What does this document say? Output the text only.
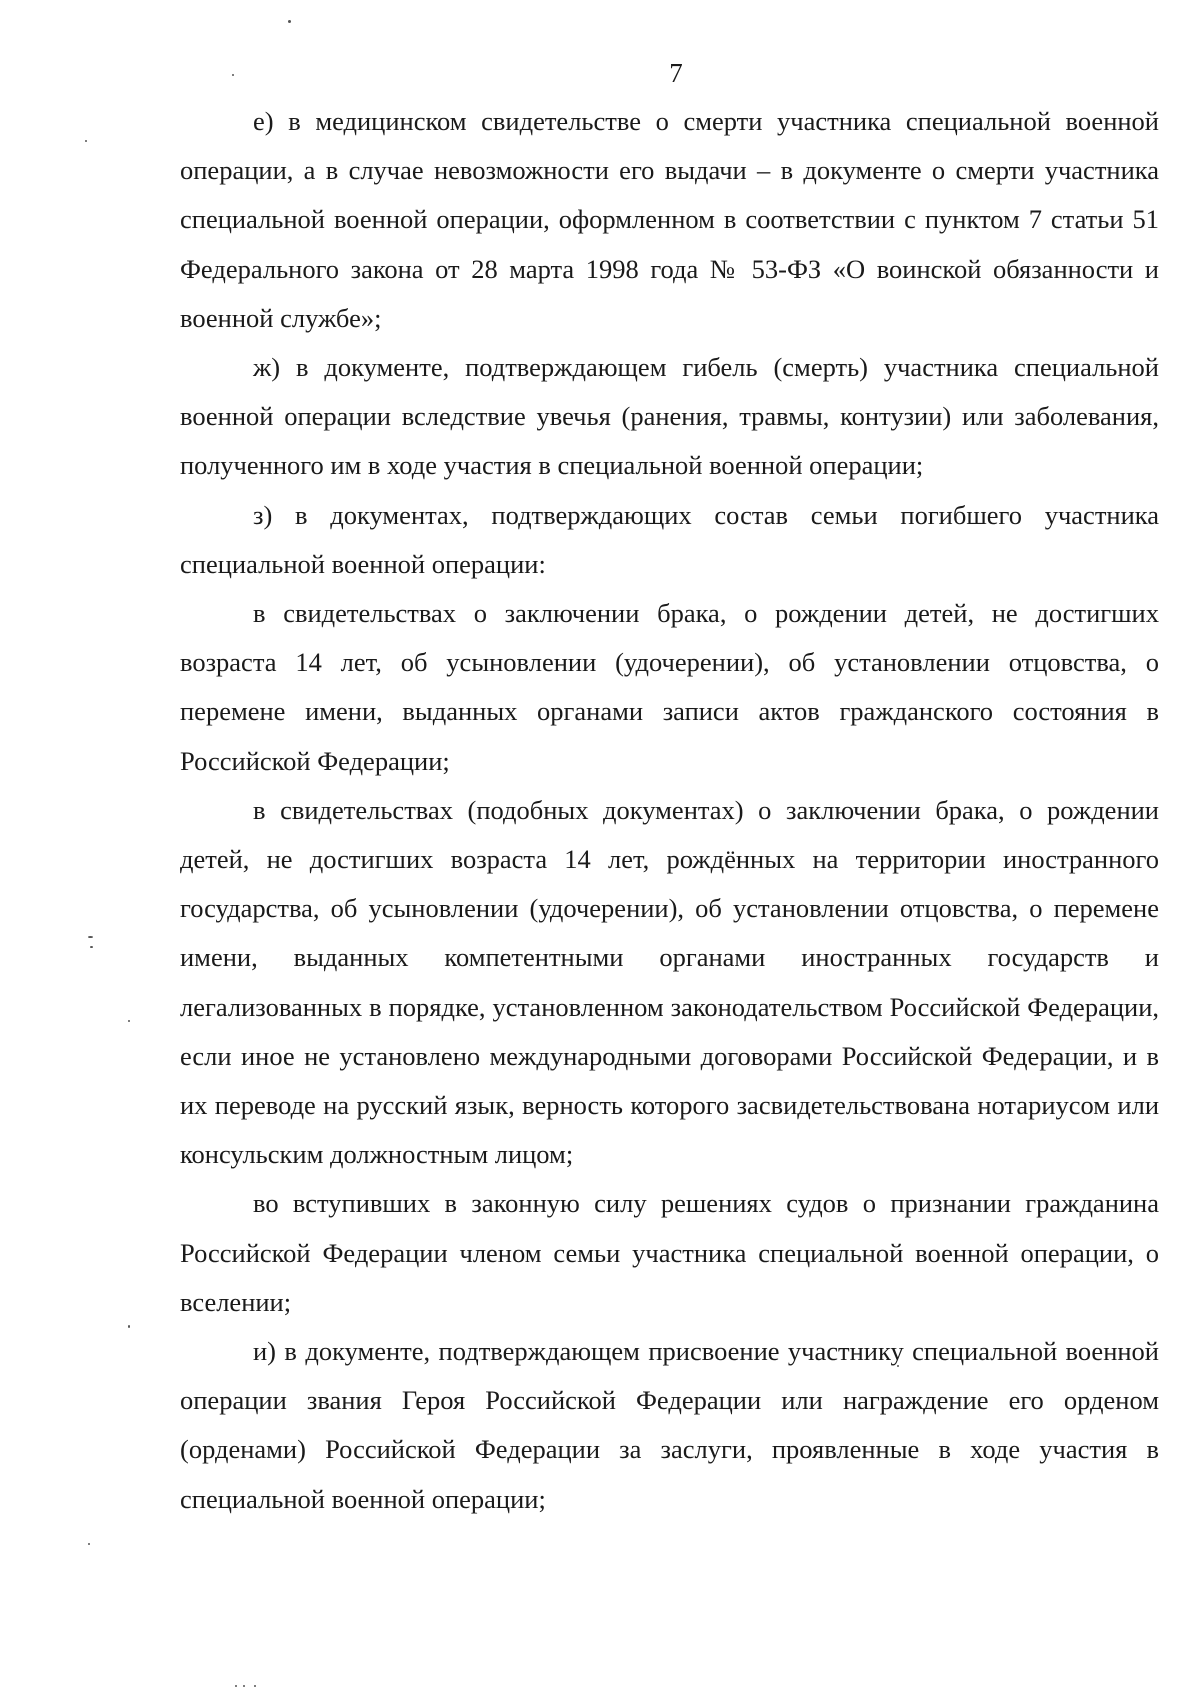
7

е) в медицинском свидетельстве о смерти участника специальной военной операции, а в случае невозможности его выдачи – в документе о смерти участника специальной военной операции, оформленном в соответствии с пунктом 7 статьи 51 Федерального закона от 28 марта 1998 года № 53-ФЗ «О воинской обязанности и военной службе»;

ж) в документе, подтверждающем гибель (смерть) участника специальной военной операции вследствие увечья (ранения, травмы, контузии) или заболевания, полученного им в ходе участия в специальной военной операции;

з) в документах, подтверждающих состав семьи погибшего участника специальной военной операции:

в свидетельствах о заключении брака, о рождении детей, не достигших возраста 14 лет, об усыновлении (удочерении), об установлении отцовства, о перемене имени, выданных органами записи актов гражданского состояния в Российской Федерации;

в свидетельствах (подобных документах) о заключении брака, о рождении детей, не достигших возраста 14 лет, рождённых на территории иностранного государства, об усыновлении (удочерении), об установлении отцовства, о перемене имени, выданных компетентными органами иностранных государств и легализованных в порядке, установленном законодательством Российской Федерации, если иное не установлено международными договорами Российской Федерации, и в их переводе на русский язык, верность которого засвидетельствована нотариусом или консульским должностным лицом;

во вступивших в законную силу решениях судов о признании гражданина Российской Федерации членом семьи участника специальной военной операции, о вселении;

и) в документе, подтверждающем присвоение участнику специальной военной операции звания Героя Российской Федерации или награждение его орденом (орденами) Российской Федерации за заслуги, проявленные в ходе участия в специальной военной операции;
